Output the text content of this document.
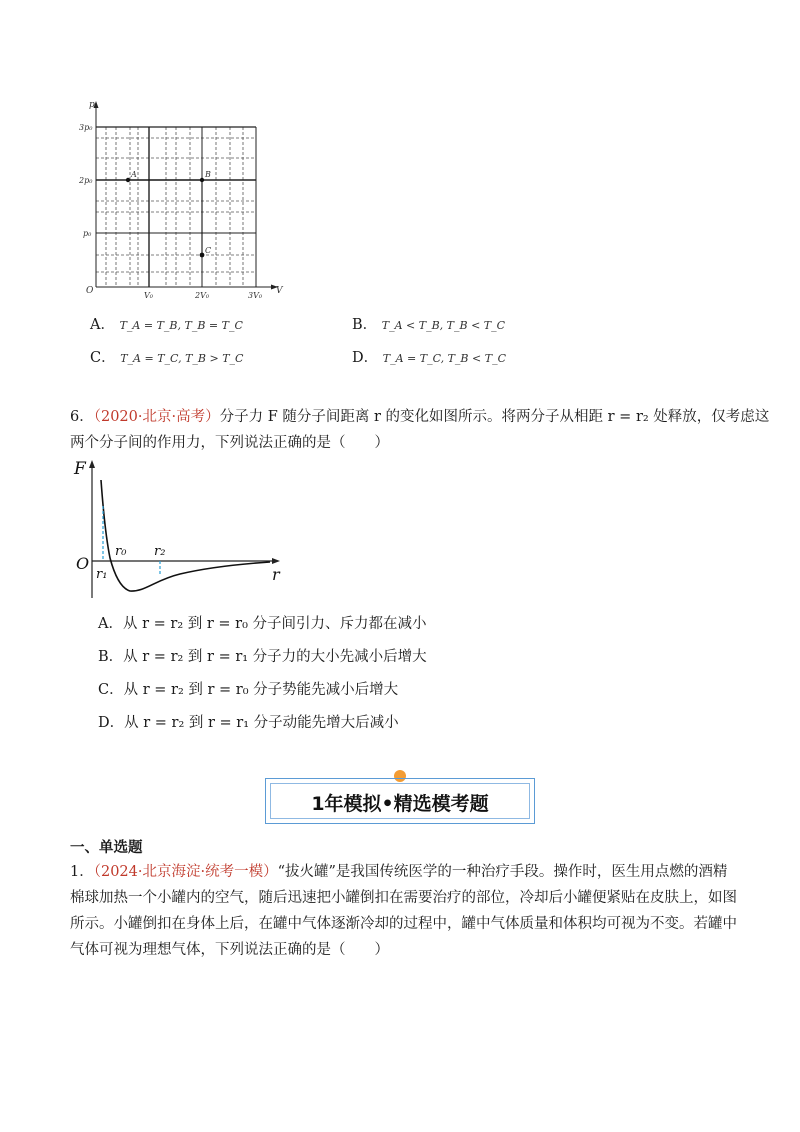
p
V
O
3p₀
2p₀
p₀
V₀	2V₀	3V₀
A	B
C
A． T_A = T_B, T_B = T_C	B． T_A < T_B, T_B < T_C
C． T_A = T_C, T_B > T_C	D． T_A = T_C, T_B < T_C
6．（2020·北京·高考）分子力 F 随分子间距离 r 的变化如图所示。将两分子从相距 r = r₂ 处释放，仅考虑这
两个分子间的作用力，下列说法正确的是（　　）
F
r
O
r₀
r₁
r₂
A．从 r = r₂ 到 r = r₀ 分子间引力、斥力都在减小
B．从 r = r₂ 到 r = r₁ 分子力的大小先减小后增大
C．从 r = r₂ 到 r = r₀ 分子势能先减小后增大
D．从 r = r₂ 到 r = r₁ 分子动能先增大后减小
1年模拟•精选模考题
一、单选题
1．（2024·北京海淀·统考一模）“拔火罐”是我国传统医学的一种治疗手段。操作时，医生用点燃的酒精
棉球加热一个小罐内的空气，随后迅速把小罐倒扣在需要治疗的部位，冷却后小罐便紧贴在皮肤上，如图
所示。小罐倒扣在身体上后，在罐中气体逐渐冷却的过程中，罐中气体质量和体积均可视为不变。若罐中
气体可视为理想气体，下列说法正确的是（　　）
